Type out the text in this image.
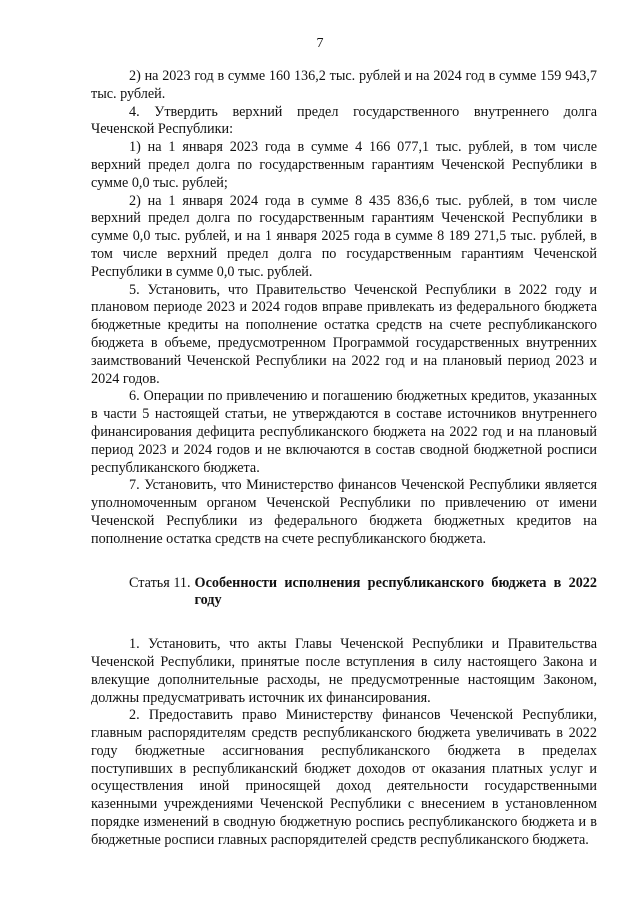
7

2) на 2023 год в сумме 160 136,2 тыс. рублей и на 2024 год в сумме 159 943,7 тыс. рублей.

4. Утвердить верхний предел государственного внутреннего долга Чеченской Республики:

1) на 1 января 2023 года в сумме 4 166 077,1 тыс. рублей, в том числе верхний предел долга по государственным гарантиям Чеченской Республики в сумме 0,0 тыс. рублей;

2) на 1 января 2024 года в сумме 8 435 836,6 тыс. рублей, в том числе верхний предел долга по государственным гарантиям Чеченской Республики в сумме 0,0 тыс. рублей, и на 1 января 2025 года в сумме 8 189 271,5 тыс. рублей, в том числе верхний предел долга по государственным гарантиям Чеченской Республики в сумме 0,0 тыс. рублей.

5. Установить, что Правительство Чеченской Республики в 2022 году и плановом периоде 2023 и 2024 годов вправе привлекать из федерального бюджета бюджетные кредиты на пополнение остатка средств на счете республиканского бюджета в объеме, предусмотренном Программой государственных внутренних заимствований Чеченской Республики на 2022 год и на плановый период 2023 и 2024 годов.

6. Операции по привлечению и погашению бюджетных кредитов, указанных в части 5 настоящей статьи, не утверждаются в составе источников внутреннего финансирования дефицита республиканского бюджета на 2022 год и на плановый период 2023 и 2024 годов и не включаются в состав сводной бюджетной росписи республиканского бюджета.

7. Установить, что Министерство финансов Чеченской Республики является уполномоченным органом Чеченской Республики по привлечению от имени Чеченской Республики из федерального бюджета бюджетных кредитов на пополнение остатка средств на счете республиканского бюджета.

Статья 11. Особенности исполнения республиканского бюджета в 2022 году

1. Установить, что акты Главы Чеченской Республики и Правительства Чеченской Республики, принятые после вступления в силу настоящего Закона и влекущие дополнительные расходы, не предусмотренные настоящим Законом, должны предусматривать источник их финансирования.

2. Предоставить право Министерству финансов Чеченской Республики, главным распорядителям средств республиканского бюджета увеличивать в 2022 году бюджетные ассигнования республиканского бюджета в пределах поступивших в республиканский бюджет доходов от оказания платных услуг и осуществления иной приносящей доход деятельности государственными казенными учреждениями Чеченской Республики с внесением в установленном порядке изменений в сводную бюджетную роспись республиканского бюджета и в бюджетные росписи главных распорядителей средств республиканского бюджета.
